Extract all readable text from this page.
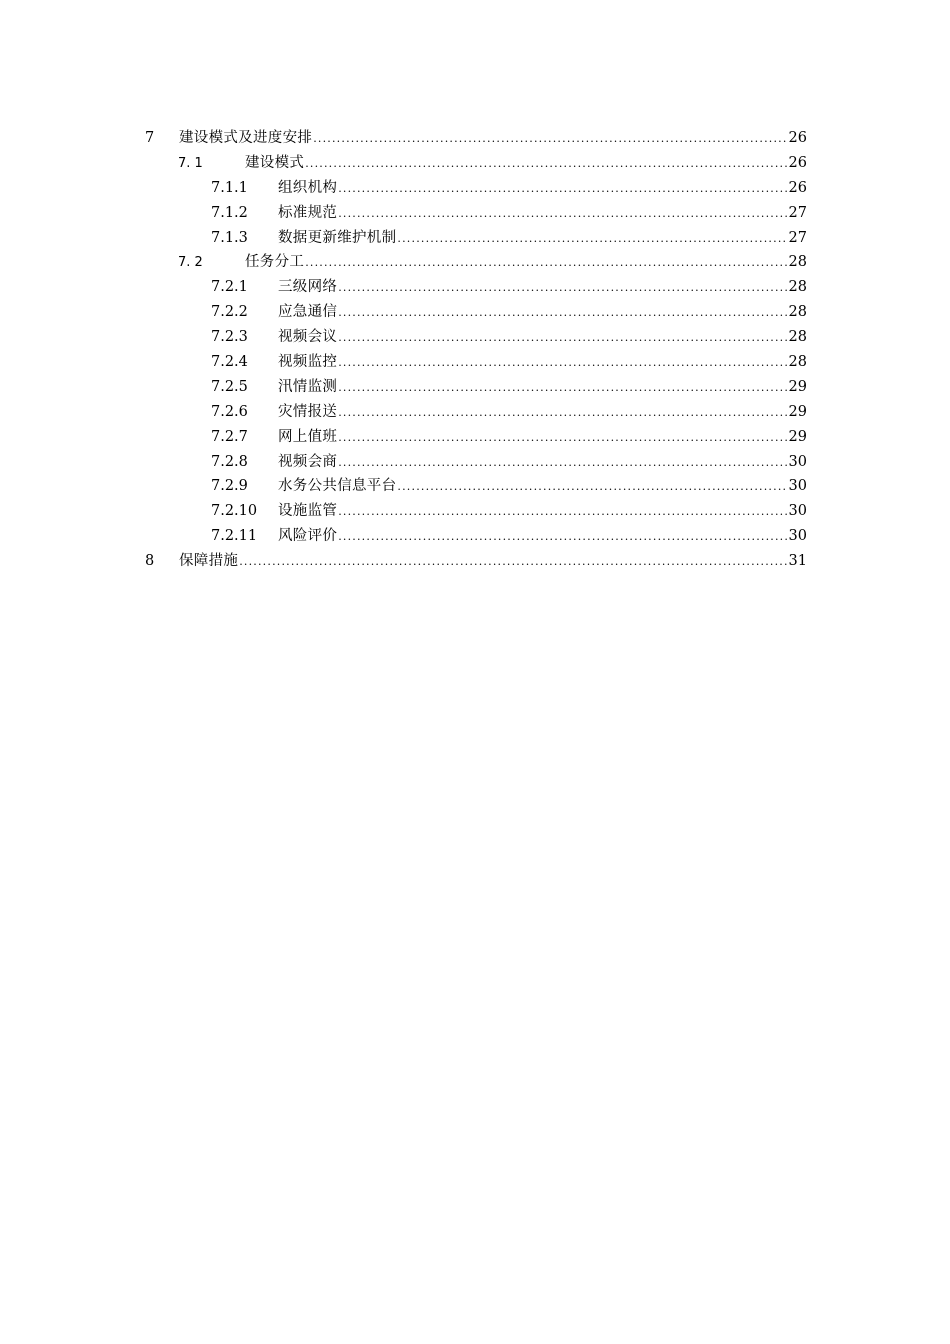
7	建设模式及进度安排 .....	26
7. 1	建设模式 .....	26
7.1.1	组织机构 .....	26
7.1.2	标准规范 .....	27
7.1.3	数据更新维护机制 .....	27
7. 2	任务分工 .....	28
7.2.1	三级网络 .....	28
7.2.2	应急通信 .....	28
7.2.3	视频会议 .....	28
7.2.4	视频监控 .....	28
7.2.5	汛情监测 .....	29
7.2.6	灾情报送 .....	29
7.2.7	网上值班 .....	29
7.2.8	视频会商 .....	30
7.2.9	水务公共信息平台 .....	30
7.2.10	设施监管 .....	30
7.2.11	风险评价 .....	30
8	保障措施 .....	31
